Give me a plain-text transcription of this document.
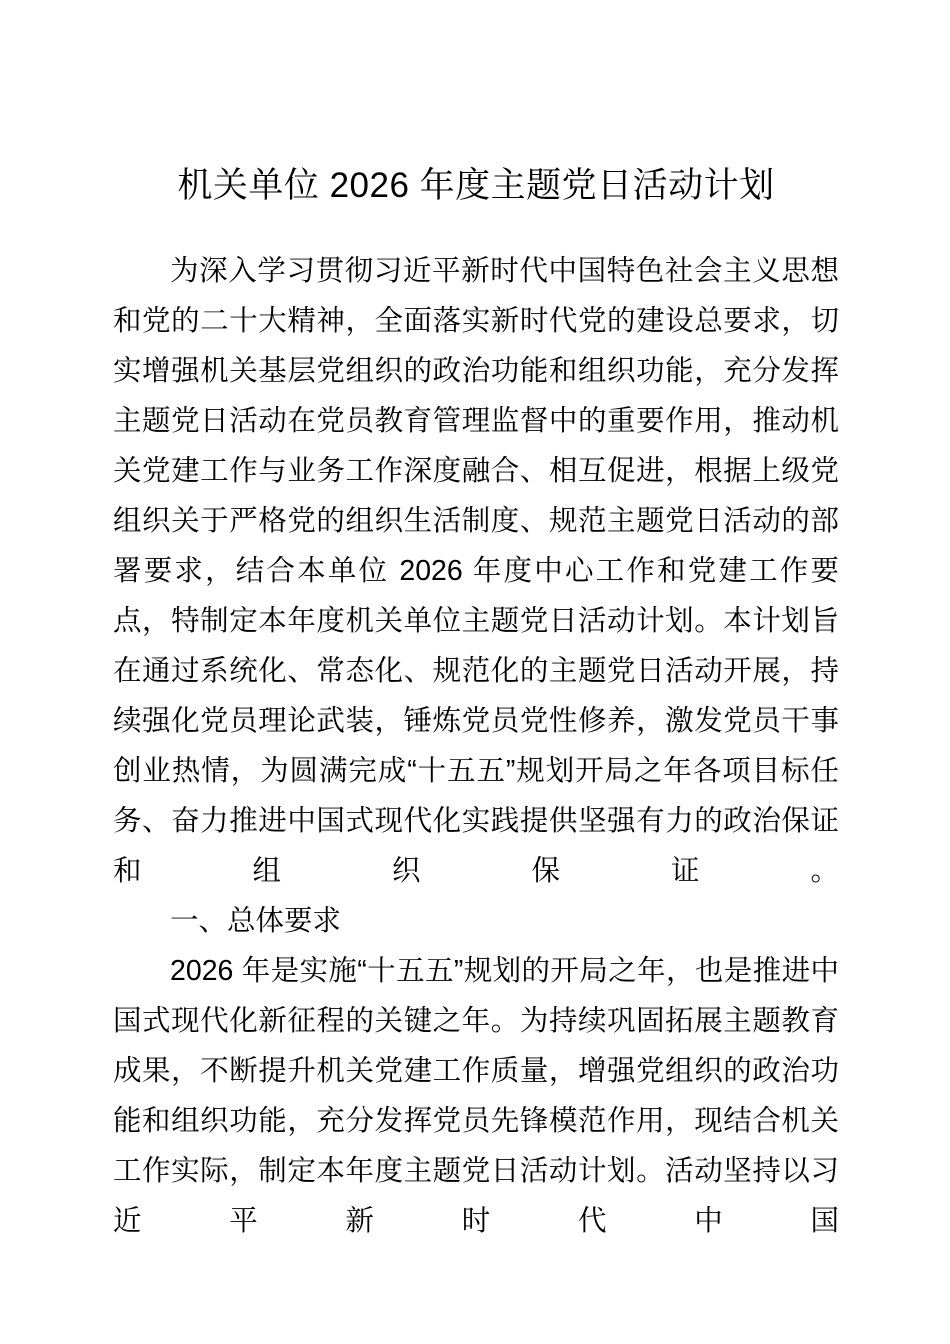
机关单位 2026 年度主题党日活动计划

为深入学习贯彻习近平新时代中国特色社会主义思想和党的二十大精神，全面落实新时代党的建设总要求，切实增强机关基层党组织的政治功能和组织功能，充分发挥主题党日活动在党员教育管理监督中的重要作用，推动机关党建工作与业务工作深度融合、相互促进，根据上级党组织关于严格党的组织生活制度、规范主题党日活动的部署要求，结合本单位 2026 年度中心工作和党建工作要点，特制定本年度机关单位主题党日活动计划。本计划旨在通过系统化、常态化、规范化的主题党日活动开展，持续强化党员理论武装，锤炼党员党性修养，激发党员干事创业热情，为圆满完成“十五五”规划开局之年各项目标任务、奋力推进中国式现代化实践提供坚强有力的政治保证和组织保证。

一、总体要求

2026 年是实施“十五五”规划的开局之年，也是推进中国式现代化新征程的关键之年。为持续巩固拓展主题教育成果，不断提升机关党建工作质量，增强党组织的政治功能和组织功能，充分发挥党员先锋模范作用，现结合机关工作实际，制定本年度主题党日活动计划。活动坚持以习近平新时代中国
